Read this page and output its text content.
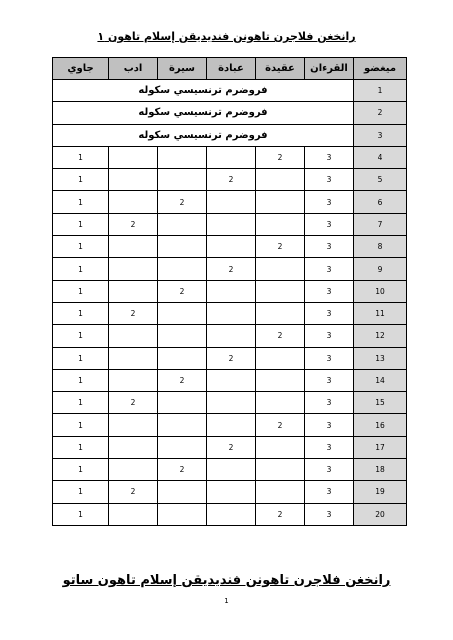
رانخغن فلاجرن تاهونن فنديديقن إسلام تاهون ١
ميغضو	القرءان	عقيدة	عبادة	سيرة	ادب	جاوي
1	فروضرم ترنسيسي سكوله					
2	فروضرم ترنسيسي سكوله					
3	فروضرم ترنسيسي سكوله					
4	3	2				1
5	3		2			1
6	3			2		1
7	3				2	1
8	3	2				1
9	3		2			1
10	3			2		1
11	3				2	1
12	3	2				1
13	3		2			1
14	3			2		1
15	3				2	1
16	3	2				1
17	3		2			1
18	3			2		1
19	3				2	1
20	3	2				1
رانخغن فلاجرن تاهونن فنديديقن إسلام تاهون ساتو
1
